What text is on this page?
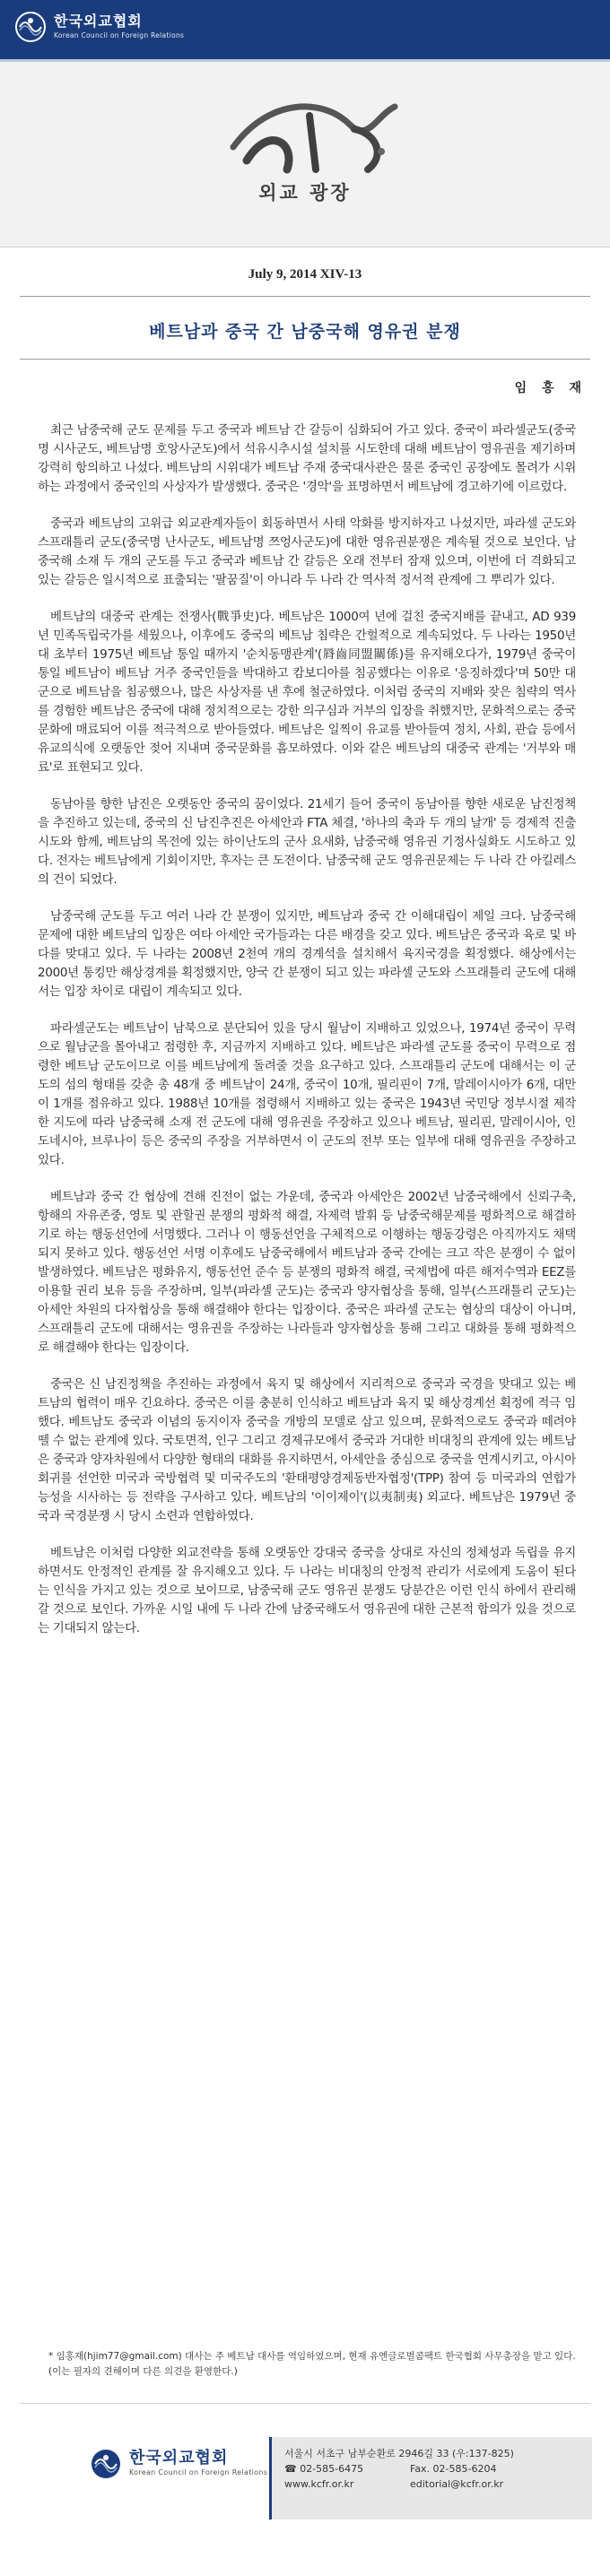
한국외교협회
Korean Council on Foreign Relations
외교 광장
July 9, 2014 XIV-13
베트남과 중국 간 남중국해 영유권 분쟁
임 홍 재

최근 남중국해 군도 문제를 두고 중국과 베트남 간 갈등이 심화되어 가고 있다. 중국이 파라셀군도(중국명 시사군도, 베트남명 호앙사군도)에서 석유시추시설 설치를 시도한데 대해 베트남이 영유권을 제기하며 강력히 항의하고 나섰다. 베트남의 시위대가 베트남 주재 중국대사관은 물론 중국인 공장에도 몰려가 시위하는 과정에서 중국인의 사상자가 발생했다. 중국은 '경악'을 표명하면서 베트남에 경고하기에 이르렀다.

중국과 베트남의 고위급 외교관계자들이 회동하면서 사태 악화를 방지하자고 나섰지만, 파라셀 군도와 스프래틀리 군도(중국명 난사군도, 베트남명 쯔엉사군도)에 대한 영유권분쟁은 계속될 것으로 보인다. 남중국해 소재 두 개의 군도를 두고 중국과 베트남 간 갈등은 오래 전부터 잠재 있으며, 이번에 더 격화되고 있는 갈등은 일시적으로 표출되는 '팔꿈질'이 아니라 두 나라 간 역사적 정서적 관계에 그 뿌리가 있다.

베트남의 대중국 관계는 전쟁사(戰爭史)다. 베트남은 1000여 년에 걸친 중국지배를 끝내고, AD 939년 민족독립국가를 세웠으나, 이후에도 중국의 베트남 침략은 간헐적으로 계속되었다. 두 나라는 1950년대 초부터 1975년 베트남 통일 때까지 '순치동맹관계'(脣齒同盟關係)를 유지해오다가, 1979년 중국이 통일 베트남이 베트남 거주 중국인들을 박대하고 캄보디아를 침공했다는 이유로 '응징하겠다'며 50만 대군으로 베트남을 침공했으나, 많은 사상자를 낸 후에 철군하였다. 이처럼 중국의 지배와 잦은 침략의 역사를 경험한 베트남은 중국에 대해 정치적으로는 강한 의구심과 거부의 입장을 취했지만, 문화적으로는 중국문화에 매료되어 이를 적극적으로 받아들였다. 베트남은 일찍이 유교를 받아들여 정치, 사회, 관습 등에서 유교의식에 오랫동안 젖어 지내며 중국문화를 흠모하였다. 이와 같은 베트남의 대중국 관계는 '거부와 매료'로 표현되고 있다.

동남아를 향한 남진은 오랫동안 중국의 꿈이었다. 21세기 들어 중국이 동남아를 향한 새로운 남진정책을 추진하고 있는데, 중국의 신 남진추진은 아세안과 FTA 체결, '하나의 축과 두 개의 날개' 등 경제적 진출시도와 함께, 베트남의 목전에 있는 하이난도의 군사 요새화, 남중국해 영유권 기정사실화도 시도하고 있다. 전자는 베트남에게 기회이지만, 후자는 큰 도전이다. 남중국해 군도 영유권문제는 두 나라 간 아킬레스의 건이 되었다.

남중국해 군도를 두고 여러 나라 간 분쟁이 있지만, 베트남과 중국 간 이해대립이 제일 크다. 남중국해 문제에 대한 베트남의 입장은 여타 아세안 국가들과는 다른 배경을 갖고 있다. 베트남은 중국과 육로 및 바다를 맞대고 있다. 두 나라는 2008년 2천여 개의 경계석을 설치해서 육지국경을 획정했다. 해상에서는 2000년 통킹만 해상경계를 획정했지만, 양국 간 분쟁이 되고 있는 파라셀 군도와 스프래틀리 군도에 대해서는 입장 차이로 대립이 계속되고 있다.

파라셀군도는 베트남이 남북으로 분단되어 있을 당시 월남이 지배하고 있었으나, 1974년 중국이 무력으로 월남군을 몰아내고 점령한 후, 지금까지 지배하고 있다. 베트남은 파라셀 군도를 중국이 무력으로 점령한 베트남 군도이므로 이를 베트남에게 돌려줄 것을 요구하고 있다. 스프래틀리 군도에 대해서는 이 군도의 섬의 형태를 갖춘 총 48개 중 베트남이 24개, 중국이 10개, 필리핀이 7개, 말레이시아가 6개, 대만이 1개를 점유하고 있다. 1988년 10개를 점령해서 지배하고 있는 중국은 1943년 국민당 정부시절 제작한 지도에 따라 남중국해 소재 전 군도에 대해 영유권을 주장하고 있으나 베트남, 필리핀, 말레이시아, 인도네시아, 브루나이 등은 중국의 주장을 거부하면서 이 군도의 전부 또는 일부에 대해 영유권을 주장하고 있다.

베트남과 중국 간 협상에 견해 진전이 없는 가운데, 중국과 아세안은 2002년 남중국해에서 신뢰구축, 항해의 자유존중, 영토 및 관할권 분쟁의 평화적 해결, 자제력 발휘 등 남중국해문제를 평화적으로 해결하기로 하는 행동선언에 서명했다. 그러나 이 행동선언을 구체적으로 이행하는 행동강령은 아직까지도 채택되지 못하고 있다. 행동선언 서명 이후에도 남중국해에서 베트남과 중국 간에는 크고 작은 분쟁이 수 없이 발생하였다. 베트남은 평화유지, 행동선언 준수 등 분쟁의 평화적 해결, 국제법에 따른 해저수역과 EEZ를 이용할 권리 보유 등을 주장하며, 일부(파라셀 군도)는 중국과 양자협상을 통해, 일부(스프래틀리 군도)는 아세안 차원의 다자협상을 통해 해결해야 한다는 입장이다. 중국은 파라셀 군도는 협상의 대상이 아니며, 스프래틀리 군도에 대해서는 영유권을 주장하는 나라들과 양자협상을 통해 그리고 대화를 통해 평화적으로 해결해야 한다는 입장이다.

중국은 신 남진정책을 추진하는 과정에서 육지 및 해상에서 지리적으로 중국과 국경을 맞대고 있는 베트남의 협력이 매우 긴요하다. 중국은 이를 충분히 인식하고 베트남과 육지 및 해상경계선 획정에 적극 임했다. 베트남도 중국과 이념의 동지이자 중국을 개방의 모델로 삼고 있으며, 문화적으로도 중국과 떼려야 뗄 수 없는 관계에 있다. 국토면적, 인구 그리고 경제규모에서 중국과 거대한 비대칭의 관계에 있는 베트남은 중국과 양자차원에서 다양한 형태의 대화를 유지하면서, 아세안을 중심으로 중국을 연계시키고, 아시아회귀를 선언한 미국과 국방협력 및 미국주도의 '환태평양경제동반자협정'(TPP) 참여 등 미국과의 연합가능성을 시사하는 등 전략을 구사하고 있다. 베트남의 '이이제이'(以夷制夷) 외교다. 베트남은 1979년 중국과 국경분쟁 시 당시 소련과 연합하였다.

베트남은 이처럼 다양한 외교전략을 통해 오랫동안 강대국 중국을 상대로 자신의 정체성과 독립을 유지하면서도 안정적인 관계를 잘 유지해오고 있다. 두 나라는 비대칭의 안정적 관리가 서로에게 도움이 된다는 인식을 가지고 있는 것으로 보이므로, 남중국해 군도 영유권 분쟁도 당분간은 이런 인식 하에서 관리해 갈 것으로 보인다. 가까운 시일 내에 두 나라 간에 남중국해도서 영유권에 대한 근본적 합의가 있을 것으로는 기대되지 않는다.

* 임홍재(hjim77@gmail.com) 대사는 주 베트남 대사를 역임하였으며, 현재 유엔글로벌콤팩트 한국협회 사무총장을 맡고 있다. (이는 필자의 견해이며 다른 의견을 환영한다.)
한국외교협회
Korean Council on Foreign Relations
서울시 서초구 남부순환로 2946길 33 (우:137-825)
☎ 02-585-6475	Fax. 02-585-6204
www.kcfr.or.kr	editorial@kcfr.or.kr
